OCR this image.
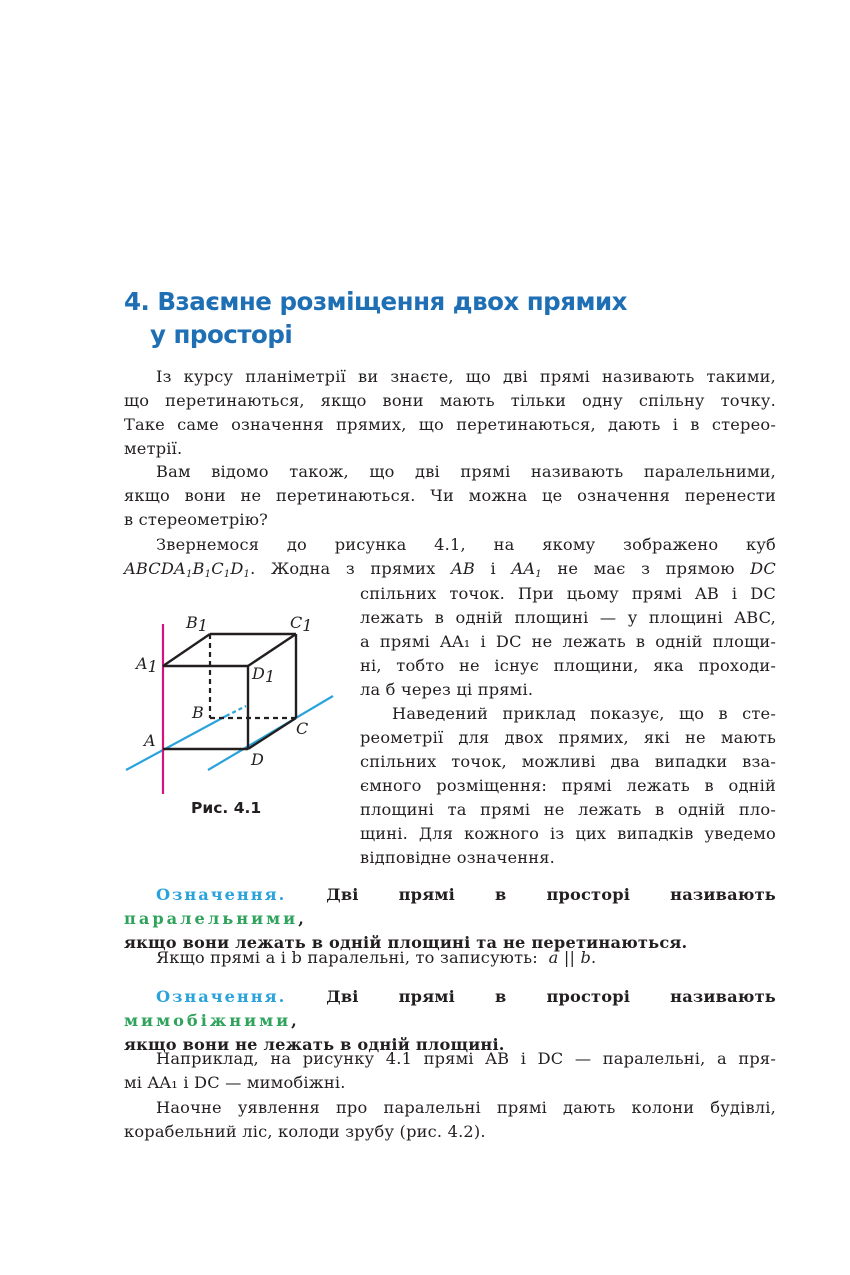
4. Взаємне розміщення двох прямих
у просторі
Із курсу планіметрії ви знаєте, що дві прямі називають такими,
що перетинаються, якщо вони мають тільки одну спільну точку.
Таке саме означення прямих, що перетинаються, дають і в стерео-
метрії.
Вам відомо також, що дві прямі називають паралельними,
якщо вони не перетинаються. Чи можна це означення перенести
в стереометрію?
Звернемося до рисунка 4.1, на якому зображено куб
$ABCDA_1B_1C_1D_1$. Жодна з прямих AB і $AA_1$ не має з прямою DC
спільних точок. При цьому прямі AB і DC
лежать в одній площині — у площині ABC,
а прямі AA₁ і DC не лежать в одній площи-
ні, тобто не існує площини, яка проходи-
ла б через ці прямі.
Наведений приклад показує, що в сте-
реометрії для двох прямих, які не мають
спільних точок, можливі два випадки вза-
ємного розміщення: прямі лежать в одній
площині та прямі не лежать в одній пло-
щині. Для кожного із цих випадків уведемо
відповідне означення.
B1	C1
A1	D1
B
C
A
D

Рис. 4.1

Означення. Дві прямі в просторі називають паралельними,
якщо вони лежать в одній площині та не перетинаються.
Якщо прямі a і b паралельні, то записують: a || b.
Означення. Дві прямі в просторі називають мимобіжними,
якщо вони не лежать в одній площині.
Наприклад, на рисунку 4.1 прямі AB і DC — паралельні, а пря-
мі AA₁ і DC — мимобіжні.
Наочне уявлення про паралельні прямі дають колони будівлі,
корабельний ліс, колоди зрубу (рис. 4.2).
